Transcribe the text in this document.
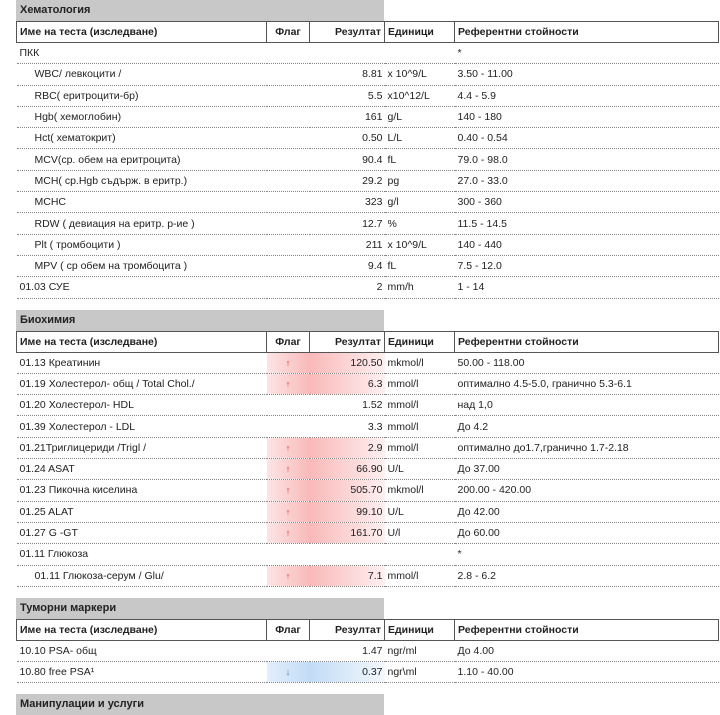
Хематология
Име на теста (изследване)	Флаг	Резултат	Единици	Референтни стойности
ПКК				*
WBC/ левкоцити /		8.81	x 10^9/L	3.50 - 11.00
RBC( еритроцити-бр)		5.5	x10^12/L	4.4 - 5.9
Hgb( хемоглобин)		161	g/L	140 - 180
Hct( хематокрит)		0.50	L/L	0.40 - 0.54
MCV(ср. обем на еритроцита)		90.4	fL	79.0 - 98.0
MCH( ср.Hgb съдърж. в еритр.)		29.2	pg	27.0 - 33.0
MCHC		323	g/l	300 - 360
RDW ( девиация на еритр. р-ие )		12.7	%	11.5 - 14.5
Plt ( тромбоцити )		211	x 10^9/L	140 - 440
MPV ( ср обем на тромбоцита )		9.4	fL	7.5 - 12.0
01.03 СУЕ		2	mm/h	1 - 14
Биохимия
Име на теста (изследване)	Флаг	Резултат	Единици	Референтни стойности
01.13 Креатинин	↑	120.50	mkmol/l	50.00 - 118.00
01.19 Холестерол- общ / Total Chol./	↑	6.3	mmol/l	оптимално 4.5-5.0, гранично 5.3-6.1
01.20 Холестерол- HDL		1.52	mmol/l	над 1,0
01.39 Холестерол - LDL		3.3	mmol/l	До 4.2
01.21Триглицериди /Trigl /	↑	2.9	mmol/l	оптимално до1.7,гранично 1.7-2.18
01.24 ASAT	↑	66.90	U/L	До 37.00
01.23 Пикочна киселина	↑	505.70	mkmol/l	200.00 - 420.00
01.25 ALAT	↑	99.10	U/L	До 42.00
01.27 G -GT	↑	161.70	U/l	До 60.00
01.11 Глюкоза				*
01.11 Глюкоза-серум / Glu/	↑	7.1	mmol/l	2.8 - 6.2
Туморни маркери
Име на теста (изследване)	Флаг	Резултат	Единици	Референтни стойности
10.10 PSA- общ		1.47	ngr/ml	До 4.00
10.80 free PSA¹	↓	0.37	ngr\ml	1.10 - 40.00
Манипулации и услуги
